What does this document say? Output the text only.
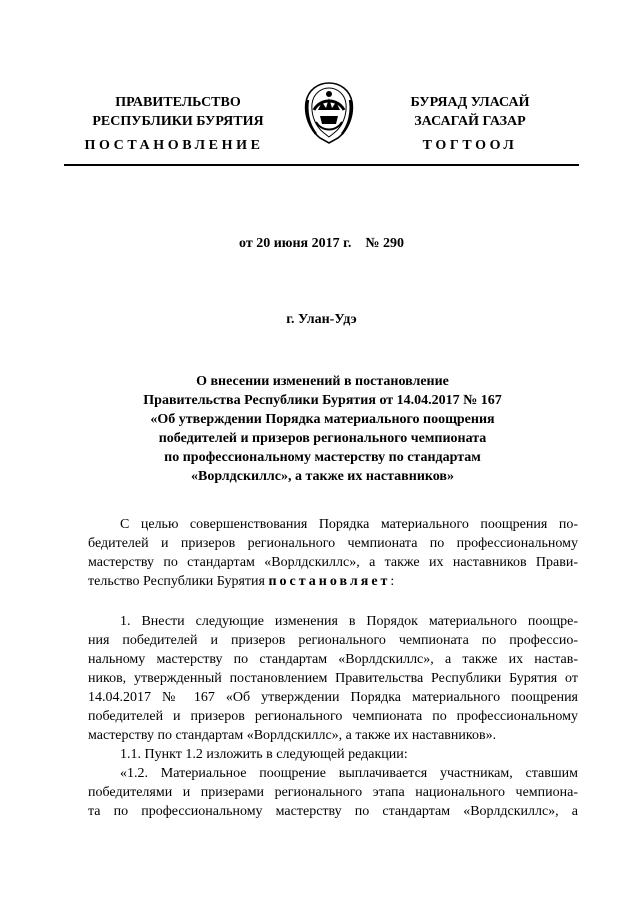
ПРАВИТЕЛЬСТВО
РЕСПУБЛИКИ БУРЯТИЯ
БУРЯАД УЛАСАЙ
ЗАСАГАЙ ГАЗАР
ПОСТАНОВЛЕНИЕ	ТОГТООЛ
от 20 июня 2017 г. № 290
г. Улан-Удэ
О внесении изменений в постановление
Правительства Республики Бурятия от 14.04.2017 № 167
«Об утверждении Порядка материального поощрения
победителей и призеров регионального чемпионата
по профессиональному мастерству по стандартам
«Ворлдскиллс», а также их наставников»
С целью совершенствования Порядка материального поощрения по-
бедителей и призеров регионального чемпионата по профессиональному
мастерству по стандартам «Ворлдскиллс», а также их наставников Прави-
тельство Республики Бурятия постановляет:
1. Внести следующие изменения в Порядок материального поощре-
ния победителей и призеров регионального чемпионата по профессио-
нальному мастерству по стандартам «Ворлдскиллс», а также их настав-
ников, утвержденный постановлением Правительства Республики Бурятия от
14.04.2017 № 167 «Об утверждении Порядка материального поощрения
победителей и призеров регионального чемпионата по профессиональному
мастерству по стандартам «Ворлдскиллс», а также их наставников».
1.1. Пункт 1.2 изложить в следующей редакции:
«1.2. Материальное поощрение выплачивается участникам, ставшим
победителями и призерами регионального этапа национального чемпиона-
та по профессиональному мастерству по стандартам «Ворлдскиллс», а
